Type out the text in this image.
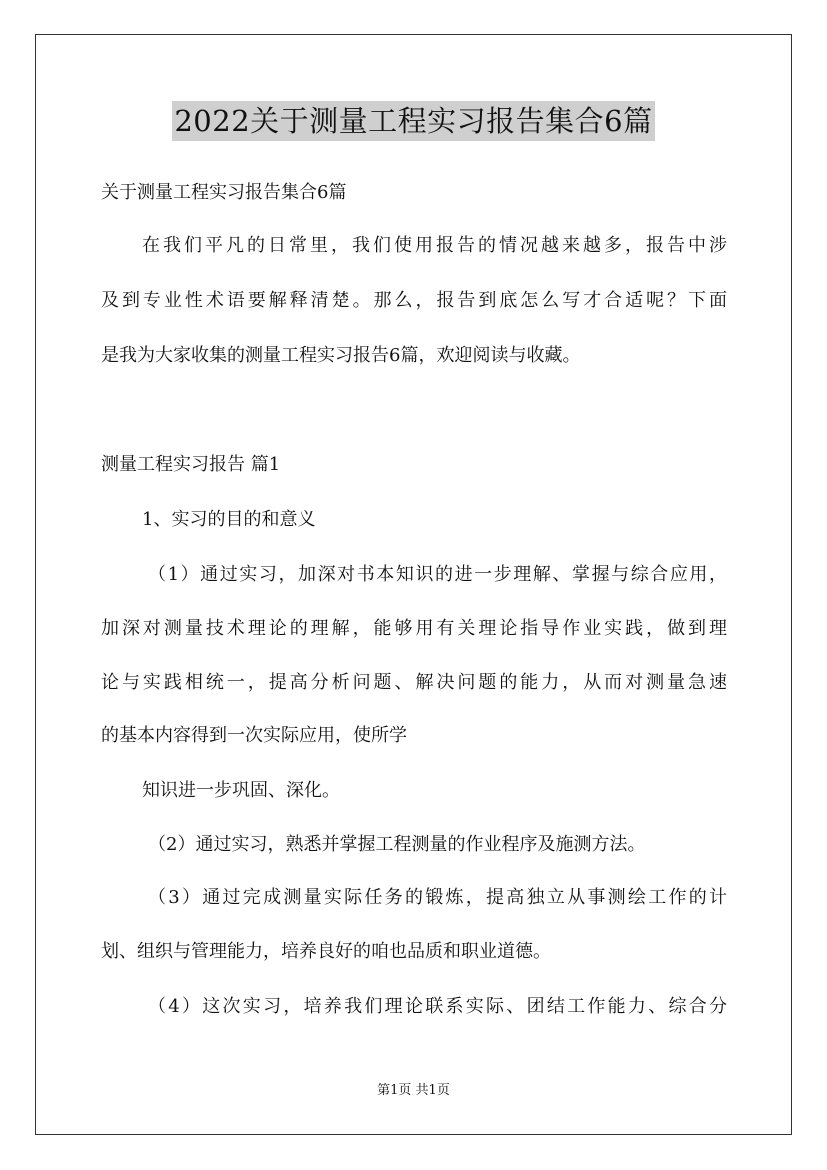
2022关于测量工程实习报告集合6篇
关于测量工程实习报告集合6篇
在我们平凡的日常里，我们使用报告的情况越来越多，报告中涉
及到专业性术语要解释清楚。那么，报告到底怎么写才合适呢？下面
是我为大家收集的测量工程实习报告6篇，欢迎阅读与收藏。
测量工程实习报告 篇1
1、实习的目的和意义
（1）通过实习，加深对书本知识的进一步理解、掌握与综合应用，
加深对测量技术理论的理解，能够用有关理论指导作业实践，做到理
论与实践相统一，提高分析问题、解决问题的能力，从而对测量急速
的基本内容得到一次实际应用，使所学
知识进一步巩固、深化。
（2）通过实习，熟悉并掌握工程测量的作业程序及施测方法。
（3）通过完成测量实际任务的锻炼，提高独立从事测绘工作的计
划、组织与管理能力，培养良好的咱也品质和职业道德。
（4）这次实习，培养我们理论联系实际、团结工作能力、综合分
第1页 共1页
